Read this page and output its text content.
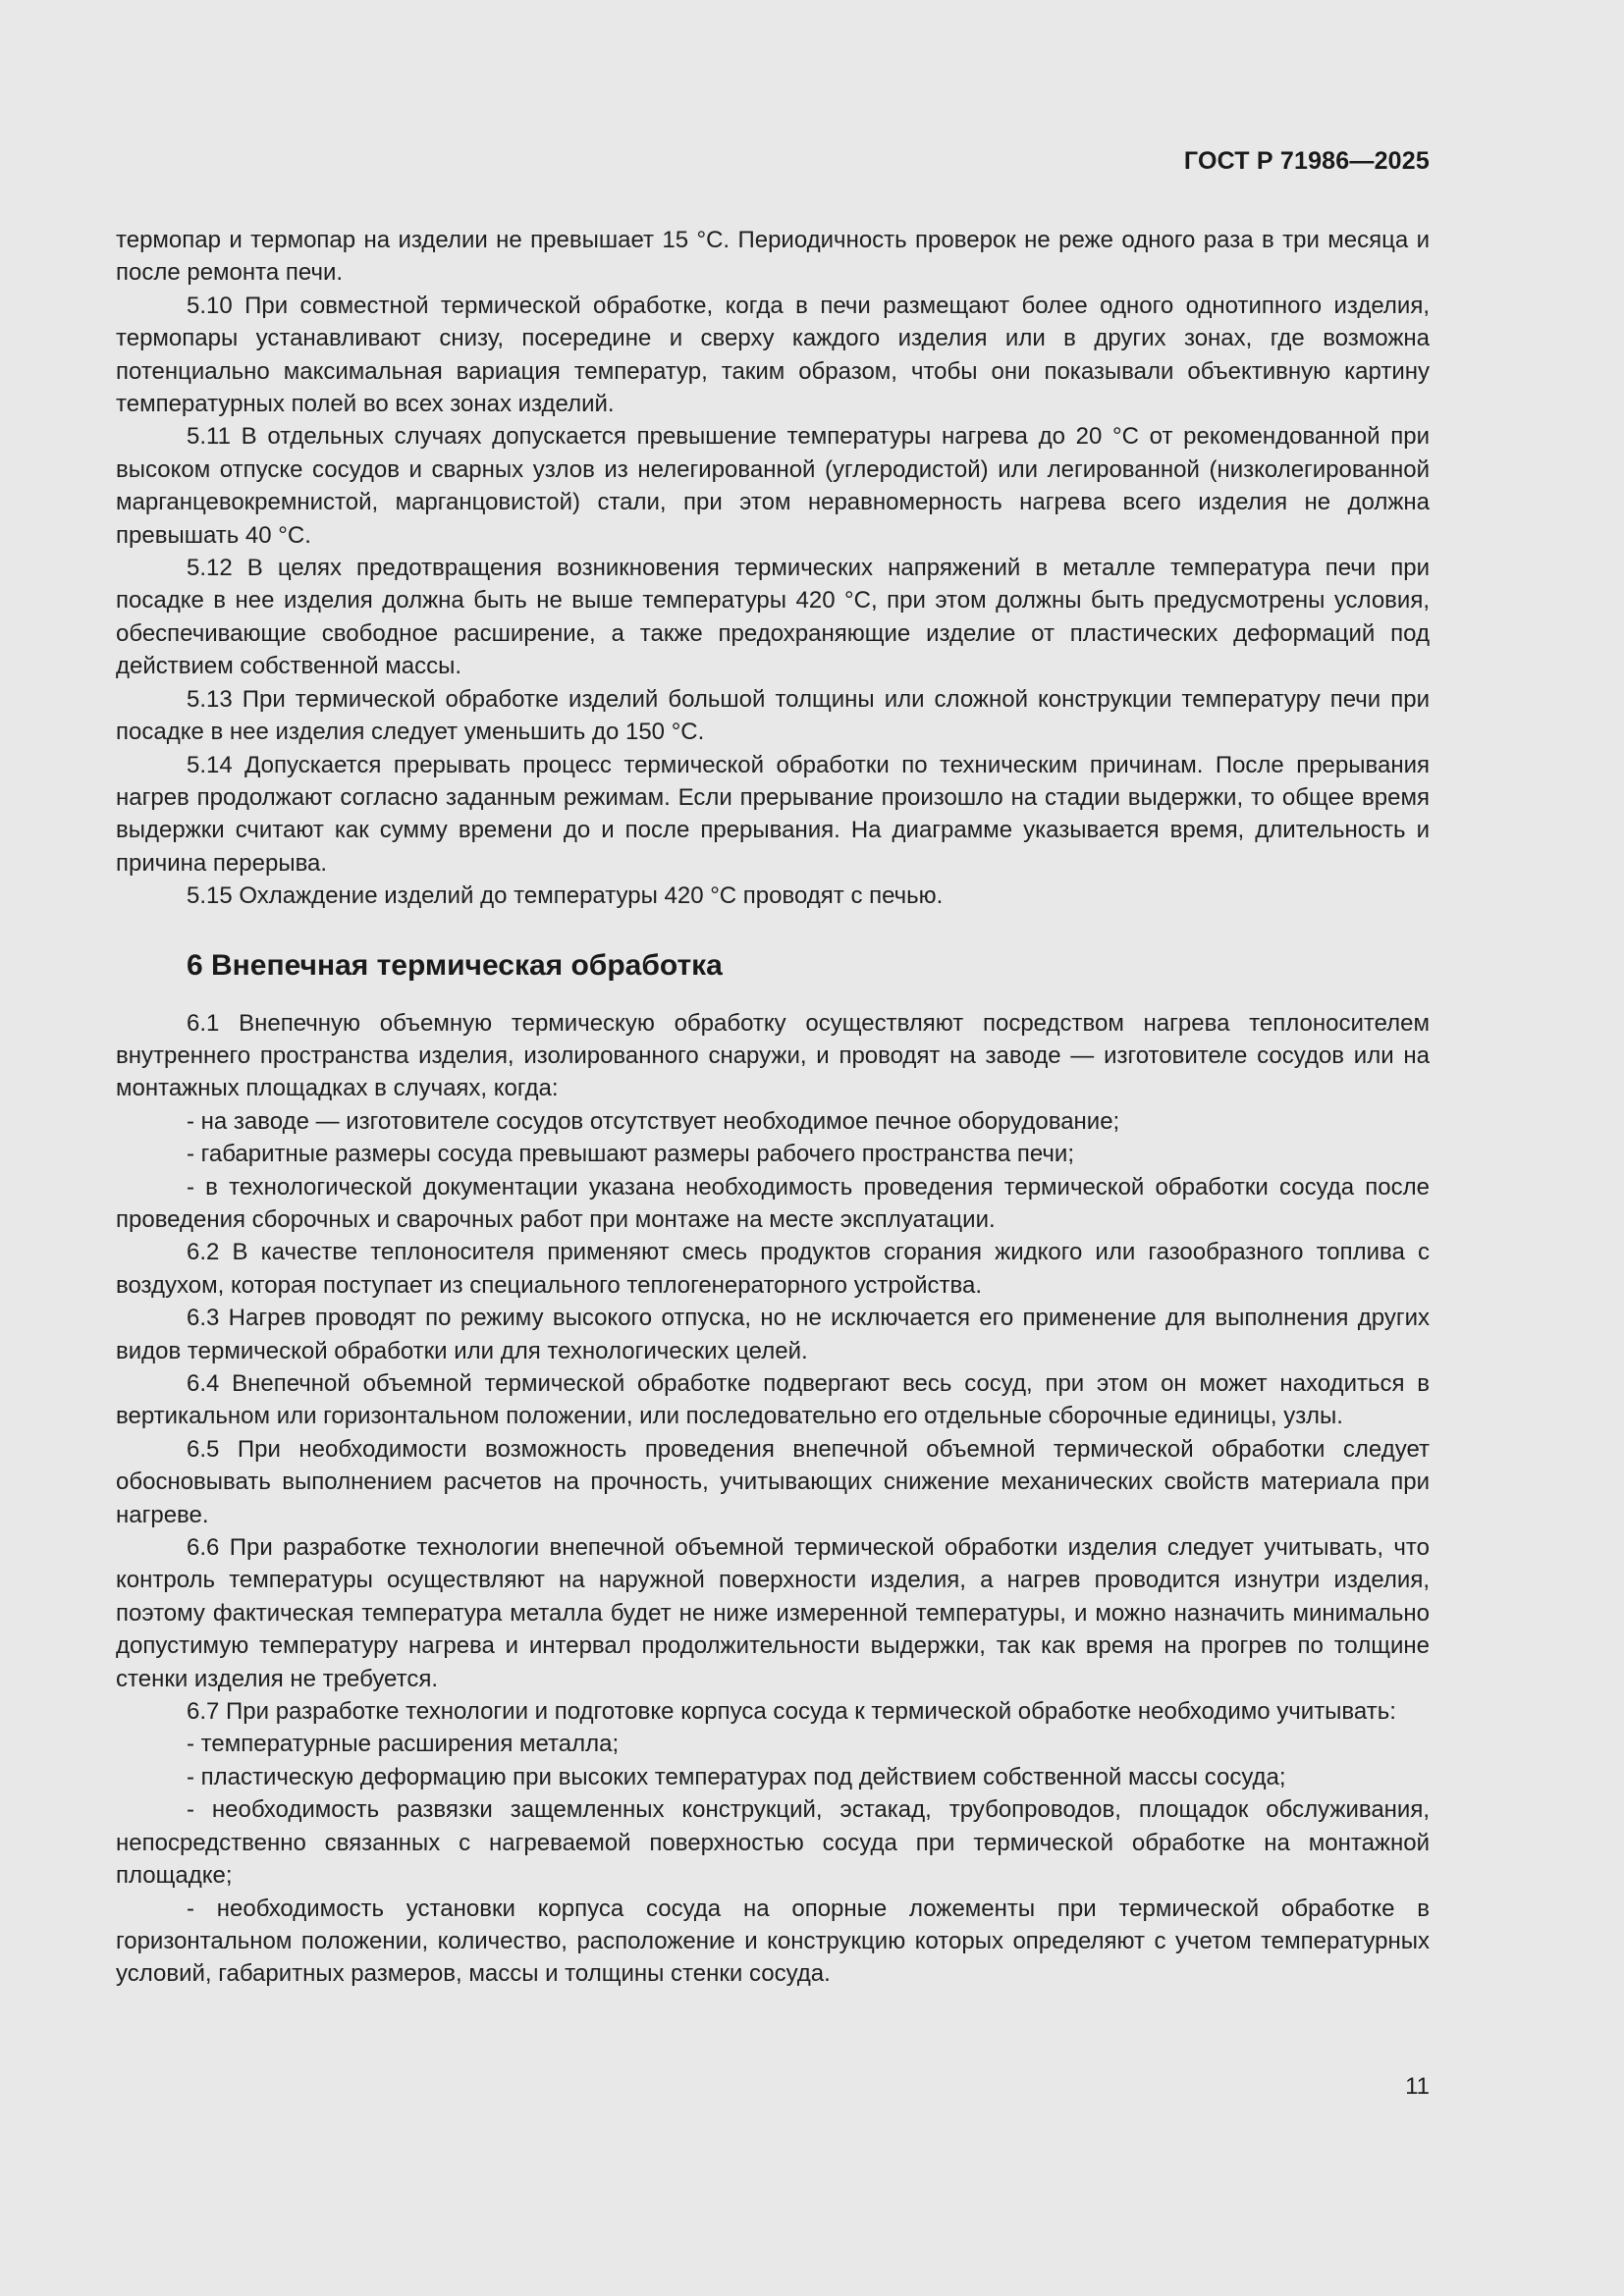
ГОСТ Р 71986—2025

термопар и термопар на изделии не превышает 15 °С. Периодичность проверок не реже одного раза в три месяца и после ремонта печи.

5.10 При совместной термической обработке, когда в печи размещают более одного однотипного изделия, термопары устанавливают снизу, посередине и сверху каждого изделия или в других зонах, где возможна потенциально максимальная вариация температур, таким образом, чтобы они показывали объективную картину температурных полей во всех зонах изделий.

5.11 В отдельных случаях допускается превышение температуры нагрева до 20 °С от рекомендованной при высоком отпуске сосудов и сварных узлов из нелегированной (углеродистой) или легированной (низколегированной марганцевокремнистой, марганцовистой) стали, при этом неравномерность нагрева всего изделия не должна превышать 40 °С.

5.12 В целях предотвращения возникновения термических напряжений в металле температура печи при посадке в нее изделия должна быть не выше температуры 420 °С, при этом должны быть предусмотрены условия, обеспечивающие свободное расширение, а также предохраняющие изделие от пластических деформаций под действием собственной массы.

5.13 При термической обработке изделий большой толщины или сложной конструкции температуру печи при посадке в нее изделия следует уменьшить до 150 °С.

5.14 Допускается прерывать процесс термической обработки по техническим причинам. После прерывания нагрев продолжают согласно заданным режимам. Если прерывание произошло на стадии выдержки, то общее время выдержки считают как сумму времени до и после прерывания. На диаграмме указывается время, длительность и причина перерыва.

5.15 Охлаждение изделий до температуры 420 °С проводят с печью.

6 Внепечная термическая обработка

6.1 Внепечную объемную термическую обработку осуществляют посредством нагрева теплоносителем внутреннего пространства изделия, изолированного снаружи, и проводят на заводе — изготовителе сосудов или на монтажных площадках в случаях, когда:

- на заводе — изготовителе сосудов отсутствует необходимое печное оборудование;

- габаритные размеры сосуда превышают размеры рабочего пространства печи;

- в технологической документации указана необходимость проведения термической обработки сосуда после проведения сборочных и сварочных работ при монтаже на месте эксплуатации.

6.2 В качестве теплоносителя применяют смесь продуктов сгорания жидкого или газообразного топлива с воздухом, которая поступает из специального теплогенераторного устройства.

6.3 Нагрев проводят по режиму высокого отпуска, но не исключается его применение для выполнения других видов термической обработки или для технологических целей.

6.4 Внепечной объемной термической обработке подвергают весь сосуд, при этом он может находиться в вертикальном или горизонтальном положении, или последовательно его отдельные сборочные единицы, узлы.

6.5 При необходимости возможность проведения внепечной объемной термической обработки следует обосновывать выполнением расчетов на прочность, учитывающих снижение механических свойств материала при нагреве.

6.6 При разработке технологии внепечной объемной термической обработки изделия следует учитывать, что контроль температуры осуществляют на наружной поверхности изделия, а нагрев проводится изнутри изделия, поэтому фактическая температура металла будет не ниже измеренной температуры, и можно назначить минимально допустимую температуру нагрева и интервал продолжительности выдержки, так как время на прогрев по толщине стенки изделия не требуется.

6.7 При разработке технологии и подготовке корпуса сосуда к термической обработке необходимо учитывать:

- температурные расширения металла;

- пластическую деформацию при высоких температурах под действием собственной массы сосуда;

- необходимость развязки защемленных конструкций, эстакад, трубопроводов, площадок обслуживания, непосредственно связанных с нагреваемой поверхностью сосуда при термической обработке на монтажной площадке;

- необходимость установки корпуса сосуда на опорные ложементы при термической обработке в горизонтальном положении, количество, расположение и конструкцию которых определяют с учетом температурных условий, габаритных размеров, массы и толщины стенки сосуда.

11
